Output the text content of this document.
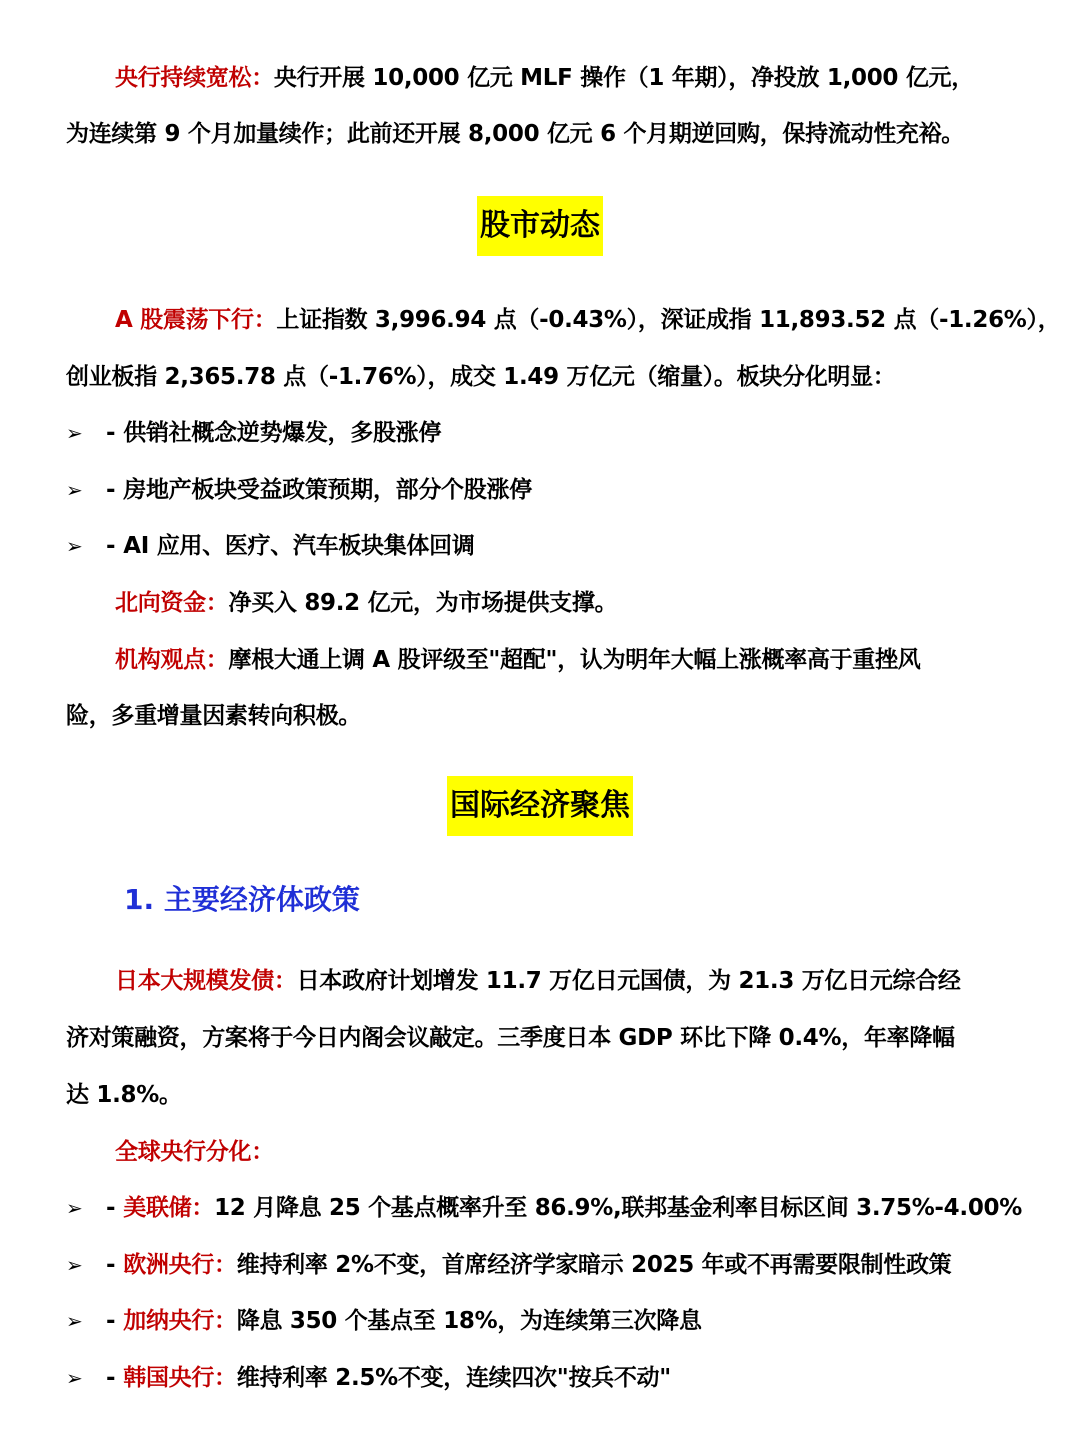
央行持续宽松：央行开展 10,000 亿元 MLF 操作（1 年期），净投放 1,000 亿元，
为连续第 9 个月加量续作；此前还开展 8,000 亿元 6 个月期逆回购，保持流动性充裕。
股市动态
A 股震荡下行：上证指数 3,996.94 点（-0.43%），深证成指 11,893.52 点（-1.26%），
创业板指 2,365.78 点（-1.76%），成交 1.49 万亿元（缩量）。板块分化明显：
➢ - 供销社概念逆势爆发，多股涨停
➢ - 房地产板块受益政策预期，部分个股涨停
➢ - AI 应用、医疗、汽车板块集体回调
北向资金：净买入 89.2 亿元，为市场提供支撑。
机构观点：摩根大通上调 A 股评级至"超配"，认为明年大幅上涨概率高于重挫风
险，多重增量因素转向积极。
国际经济聚焦
1. 主要经济体政策
日本大规模发债：日本政府计划增发 11.7 万亿日元国债，为 21.3 万亿日元综合经
济对策融资，方案将于今日内阁会议敲定。三季度日本 GDP 环比下降 0.4%，年率降幅
达 1.8%。
全球央行分化：
➢ - 美联储：12 月降息 25 个基点概率升至 86.9%,联邦基金利率目标区间 3.75%-4.00%
➢ - 欧洲央行：维持利率 2%不变，首席经济学家暗示 2025 年或不再需要限制性政策
➢ - 加纳央行：降息 350 个基点至 18%，为连续第三次降息
➢ - 韩国央行：维持利率 2.5%不变，连续四次"按兵不动"
